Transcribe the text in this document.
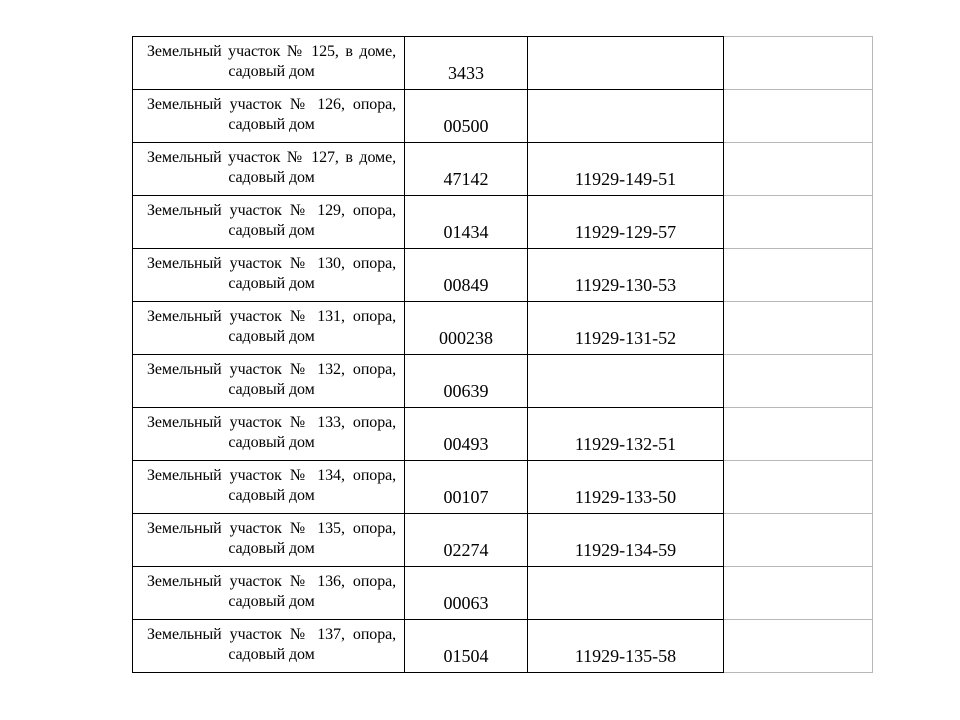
Земельный участок № 125, в доме, садовый дом	3433		

Земельный участок № 126, опора, садовый дом	00500		

Земельный участок № 127, в доме, садовый дом	47142	11929-149-51	

Земельный участок № 129, опора, садовый дом	01434	11929-129-57	

Земельный участок № 130, опора, садовый дом	00849	11929-130-53	

Земельный участок № 131, опора, садовый дом	000238	11929-131-52	

Земельный участок № 132, опора, садовый дом	00639		

Земельный участок № 133, опора, садовый дом	00493	11929-132-51	

Земельный участок № 134, опора, садовый дом	00107	11929-133-50	

Земельный участок № 135, опора, садовый дом	02274	11929-134-59	

Земельный участок № 136, опора, садовый дом	00063		

Земельный участок № 137, опора, садовый дом	01504	11929-135-58	
